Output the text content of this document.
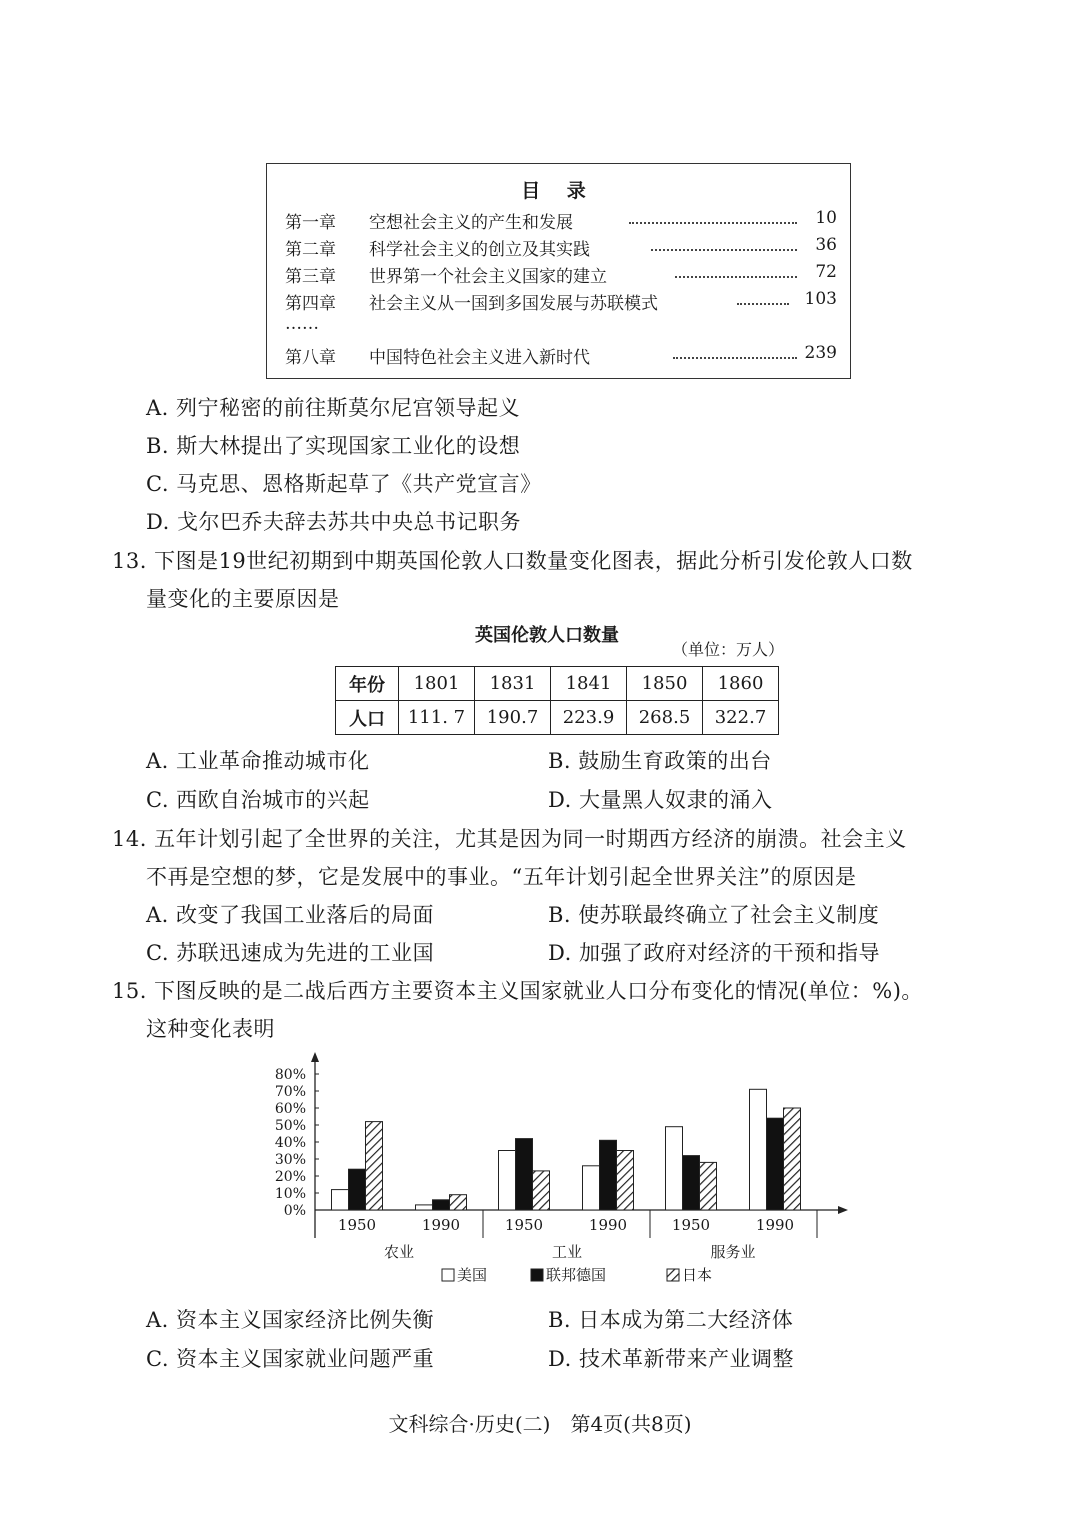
目 录
第一章 空想社会主义的产生和发展	10
第二章 科学社会主义的创立及其实践	36
第三章 世界第一个社会主义国家的建立	72
第四章 社会主义从一国到多国发展与苏联模式	103
……
第八章 中国特色社会主义进入新时代	239
A. 列宁秘密的前往斯莫尔尼宫领导起义
B. 斯大林提出了实现国家工业化的设想
C. 马克思、恩格斯起草了《共产党宣言》
D. 戈尔巴乔夫辞去苏共中央总书记职务
13. 下图是19世纪初期到中期英国伦敦人口数量变化图表，据此分析引发伦敦人口数
量变化的主要原因是
英国伦敦人口数量
（单位：万人）
年份	1801	1831	1841	1850	1860
人口	111. 7	190.7	223.9	268.5	322.7
A. 工业革命推动城市化	B. 鼓励生育政策的出台
C. 西欧自治城市的兴起	D. 大量黑人奴隶的涌入
14. 五年计划引起了全世界的关注，尤其是因为同一时期西方经济的崩溃。社会主义
不再是空想的梦，它是发展中的事业。“五年计划引起全世界关注”的原因是
A. 改变了我国工业落后的局面	B. 使苏联最终确立了社会主义制度
C. 苏联迅速成为先进的工业国	D. 加强了政府对经济的干预和指导
15. 下图反映的是二战后西方主要资本主义国家就业人口分布变化的情况(单位：%)。
这种变化表明
80%
70%
60%
50%
40%
30%
20%
10%
0%
1950	1990	1950	1990	1950	1990
农业	工业	服务业
美国	联邦德国	日本
A. 资本主义国家经济比例失衡	B. 日本成为第二大经济体
C. 资本主义国家就业问题严重	D. 技术革新带来产业调整
文科综合·历史(二)　第4页(共8页)
